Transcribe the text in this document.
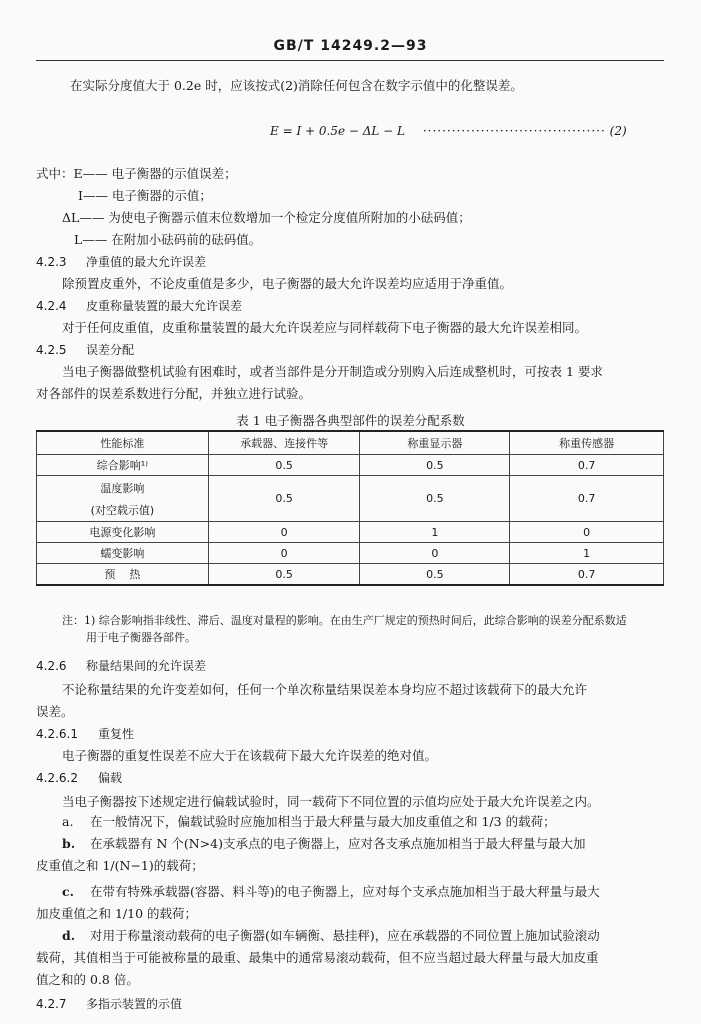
GB/T 14249.2—93
在实际分度值大于 0.2e 时，应该按式(2)消除任何包含在数字示值中的化整误差。
E = I + 0.5e − ΔL − L ······································ (2)
式中：E—— 电子衡器的示值误差；
I—— 电子衡器的示值；
ΔL—— 为使电子衡器示值末位数增加一个检定分度值所附加的小砝码值；
L—— 在附加小砝码前的砝码值。
4.2.3 净重值的最大允许误差
除预置皮重外，不论皮重值是多少，电子衡器的最大允许误差均应适用于净重值。
4.2.4 皮重称量装置的最大允许误差
对于任何皮重值，皮重称量装置的最大允许误差应与同样载荷下电子衡器的最大允许误差相同。
4.2.5 误差分配
当电子衡器做整机试验有困难时，或者当部件是分开制造或分别购入后连成整机时，可按表 1 要求
对各部件的误差系数进行分配，并独立进行试验。
表 1 电子衡器各典型部件的误差分配系数
性能标准	承载器、连接件等	称重显示器	称重传感器
综合影响¹⁾	0.5	0.5	0.7

温度影响
(对空载示值)	0.5	0.5	0.7
电源变化影响	0	1	0
蠕变影响	0	0	1
预    热	0.5	0.5	0.7
注：1) 综合影响指非线性、滞后、温度对量程的影响。在由生产厂规定的预热时间后，此综合影响的误差分配系数适
用于电子衡器各部件。
4.2.6 称量结果间的允许误差
不论称量结果的允许变差如何，任何一个单次称量结果误差本身均应不超过该载荷下的最大允许
误差。
4.2.6.1 重复性
电子衡器的重复性误差不应大于在该载荷下最大允许误差的绝对值。
4.2.6.2 偏载
当电子衡器按下述规定进行偏载试验时，同一载荷下不同位置的示值均应处于最大允许误差之内。
a. 在一般情况下，偏载试验时应施加相当于最大秤量与最大加皮重值之和 1/3 的载荷；
b. 在承载器有 N 个(N>4)支承点的电子衡器上，应对各支承点施加相当于最大秤量与最大加
皮重值之和 1/(N−1)的载荷；
c. 在带有特殊承载器(容器、料斗等)的电子衡器上，应对每个支承点施加相当于最大秤量与最大
加皮重值之和 1/10 的载荷；
d. 对用于称量滚动载荷的电子衡器(如车辆衡、悬挂秤)，应在承载器的不同位置上施加试验滚动
载荷，其值相当于可能被称量的最重、最集中的通常易滚动载荷，但不应当超过最大秤量与最大加皮重
值之和的 0.8 倍。
4.2.7 多指示装置的示值
